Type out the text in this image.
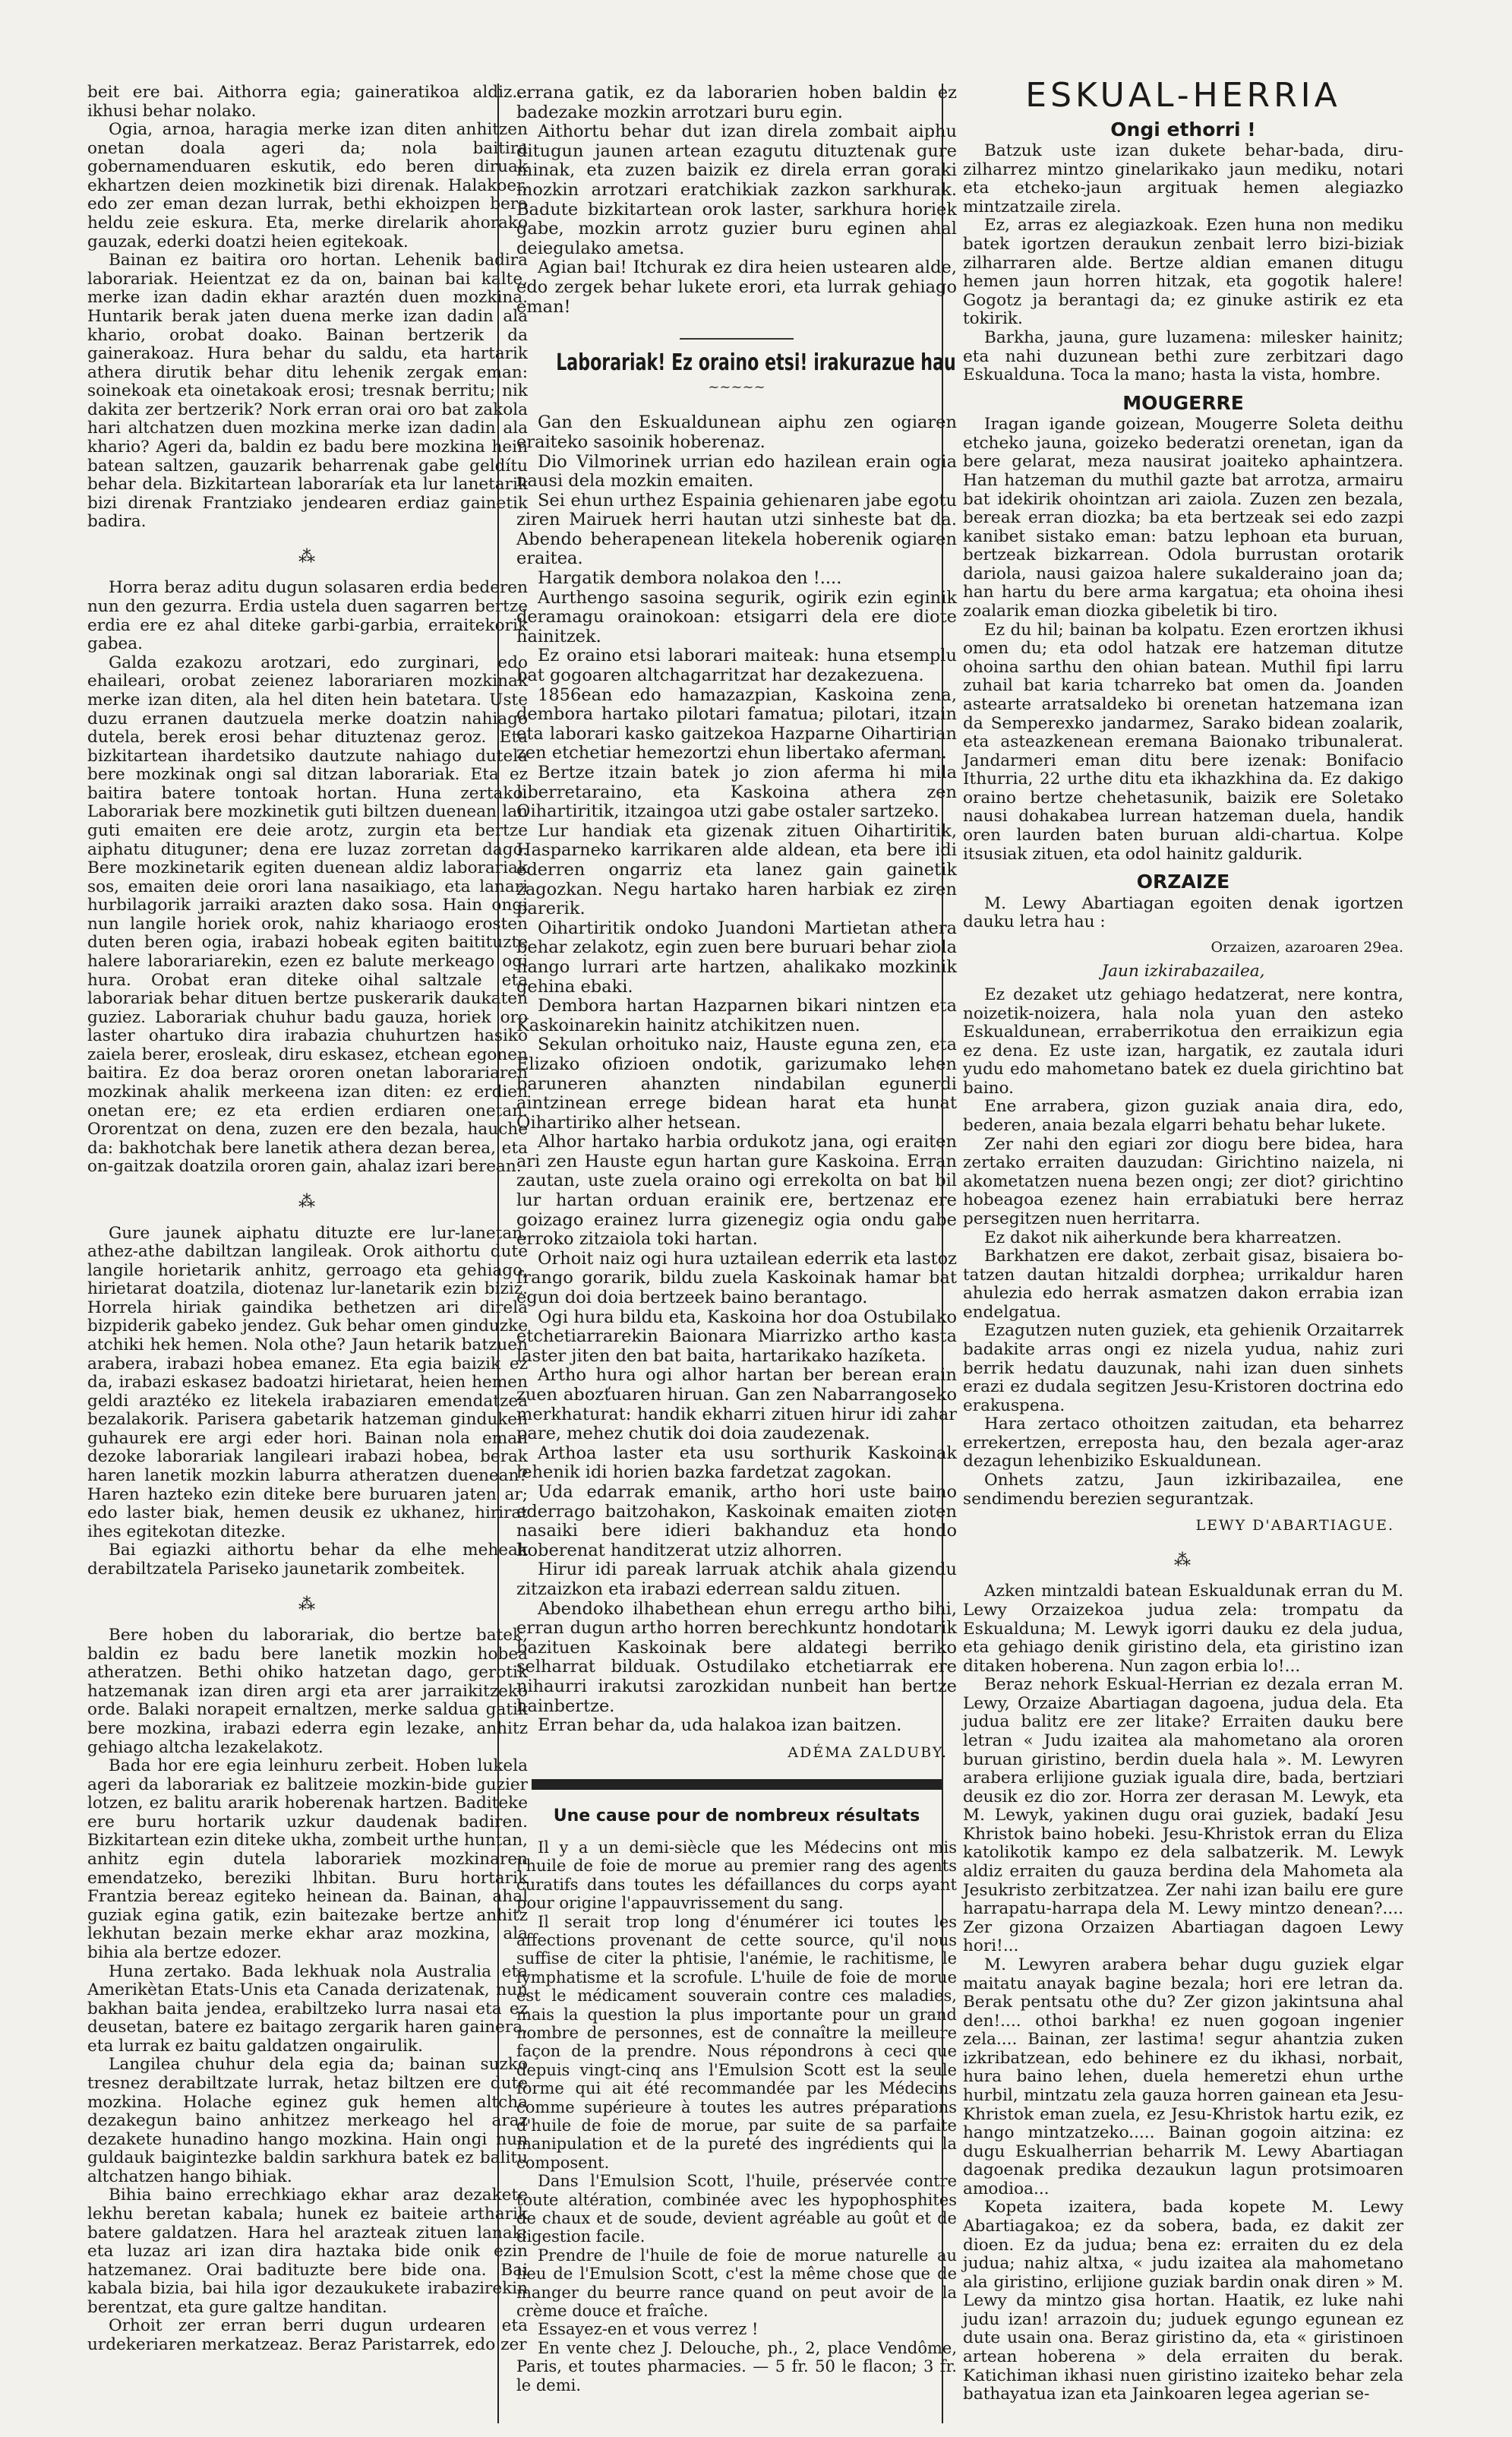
beit ere bai. Aithorra egia; gaineratikoa aldiz... ikhusi behar nolako.

Ogia, arnoa, haragia merke izan diten anhitzen onetan doala ageri da; nola baitira gobernamenduaren eskutik, edo beren diruak ekhartzen deien mozkinetik bizi direnak. Halakoer, edo zer eman dezan lurrak, bethi ekhoizpen bera heldu zeie eskura. Eta, merke direlarik ahorako gauzak, ederki doatzi heien egitekoak.

Bainan ez baitira oro hortan. Lehenik badira laborariak. Heientzat ez da on, bainan bai kalte, merke izan dadin ekhar araztén duen mozkina. Huntarik berak jaten duena merke izan dadin ala khario, orobat doako. Bainan bertzerik da gainerakoaz. Hura behar du saldu, eta hartarik athera dirutik behar ditu lehenik zergak eman: soinekoak eta oinetakoak erosi; tresnak berritu; nik dakita zer bertzerik? Nork erran orai oro bat zakola hari altchatzen duen mozkina merke izan dadin ala khario? Ageri da, baldin ez badu bere mozkina hein batean saltzen, gauzarik beharrenak gabe geldítu behar dela. Bizkitartean laboraríak eta lur lanetarik bizi direnak Frantziako jendearen erdiaz gainetik badira.

⁂

Horra beraz aditu dugun solasaren erdia bederen nun den gezurra. Erdia ustela duen sagarren bertze erdia ere ez ahal diteke garbi-garbia, erraitekorik gabea.

Galda ezakozu arotzari, edo zurginari, edo ehaileari, orobat zeienez laborariaren mozkinak merke izan diten, ala hel diten hein batetara. Uste duzu erranen dautzuela merke doatzin nahiago dutela, berek erosi behar dituztenaz geroz. Eta bizkitartean ihardetsiko dautzute nahiago dutela bere mozkinak ongi sal ditzan laborariak. Eta ez baitira batere tontoak hortan. Huna zertako. Laborariak bere mozkinetik guti biltzen duenean lan guti emaiten ere deie arotz, zurgin eta bertze aiphatu dituguner; dena ere luzaz zorretan dago. Bere mozkinetarik egiten duenean aldiz laborariak sos, emaiten deie orori lana nasaikiago, eta lanari hurbilagorik jarraiki arazten dako sosa. Hain ongi nun langile horiek orok, nahiz khariaogo erosten duten beren ogia, irabazi hobeak egiten baitituzte halere laborariarekin, ezen ez balute merkeago ogi hura. Orobat eran diteke oihal saltzale eta laborariak behar dituen bertze puskerarik daukaten guziez. Laborariak chuhur badu gauza, horiek oro laster ohartuko dira irabazia chuhurtzen hasiko zaiela berer, erosleak, diru eskasez, etchean egonen baitira. Ez doa beraz ororen onetan laborariaren mozkinak ahalik merkeena izan diten: ez erdien onetan ere; ez eta erdien erdiaren onetan. Ororentzat on dena, zuzen ere den bezala, hauche da: bakhotchak bere lanetik athera dezan berea, eta on-gaitzak doatzila ororen gain, ahalaz izari berean.

⁂

Gure jaunek aiphatu dituzte ere lur-lanetan, athez-athe dabiltzan langileak. Orok aithortu dute langile horietarik anhitz, gerroago eta gehiago, hirietarat doatzila, diotenaz lur-lanetarik ezin biziz. Horrela hiriak gaindika bethetzen ari direla bizpiderik gabeko jendez. Guk behar omen ginduzke atchiki hek hemen. Nola othe? Jaun hetarik batzuen arabera, irabazi hobea emanez. Eta egia baizik ez da, irabazi eskasez badoatzi hirietarat, heien hemen geldi araztéko ez litekela irabaziaren emendatzea bezalakorik. Parisera gabetarik hatzeman ginduken guhaurek ere argi eder hori. Bainan nola eman dezoke laborariak langileari irabazi hobea, berak haren lanetik mozkin laburra atheratzen duenean? Haren hazteko ezin diteke bere buruaren jaten ar; edo laster biak, hemen deusik ez ukhanez, hirirat ihes egitekotan ditezke.

Bai egiazki aithortu behar da elhe meheak derabiltzatela Pariseko jaunetarik zombeitek.

⁂

Bere hoben du laborariak, dio bertze batek, baldin ez badu bere lanetik mozkin hobea atheratzen. Bethi ohiko hatzetan dago, gerotik hatzemanak izan diren argi eta arer jarraikitzeko orde. Balaki norapeit ernaltzen, merke saldua gatik bere mozkina, irabazi ederra egin lezake, anhitz gehiago altcha lezakelakotz.

Bada hor ere egia leinhuru zerbeit. Hoben lukela ageri da laborariak ez balitzeie mozkin-bide guzier lotzen, ez balitu ararik hoberenak hartzen. Baditeke ere buru hortarik uzkur daudenak badiren. Bizkitartean ezin diteke ukha, zombeit urthe huntan, anhitz egin dutela laborariek mozkinaren emendatzeko, bereziki lhbitan. Buru hortarik Frantzia bereaz egiteko heinean da. Bainan, ahal guziak egina gatik, ezin baitezake bertze anhitz lekhutan bezain merke ekhar araz mozkina, ala bihia ala bertze edozer.

Huna zertako. Bada lekhuak nola Australia eta Amerikètan Etats-Unis eta Canada derizatenak, nun bakhan baita jendea, erabiltzeko lurra nasai eta ez deusetan, batere ez baitago zergarik haren gainera, eta lurrak ez baitu galdatzen ongairulik.

Langilea chuhur dela egia da; bainan suzko tresnez derabiltzate lurrak, hetaz biltzen ere dute mozkina. Holache eginez guk hemen altcha dezakegun baino anhitzez merkeago hel araz dezakete hunadino hango mozkina. Hain ongi nun guldauk baigintezke baldin sarkhura batek ez balitu altchatzen hango bihiak.

Bihia baino errechkiago ekhar araz dezakete lekhu beretan kabala; hunek ez baiteie artharik batere galdatzen. Hara hel arazteak zituen lanak; eta luzaz ari izan dira haztaka bide onik ezin hatzemanez. Orai badituzte bere bide ona. Bai kabala bizia, bai hila igor dezaukukete irabazirekin berentzat, eta gure galtze handitan.

Orhoit zer erran berri dugun urdearen eta urdekeriaren merkatzeaz. Beraz Paristarrek, edo zer

errana gatik, ez da laborarien hoben baldin ez badezake mozkin arrotzari buru egin.

Aithortu behar dut izan direla zombait aiphu ditugun jaunen artean ezagutu dituztenak gure minak, eta zuzen baizik ez direla erran goraki mozkin arrotzari eratchikiak zazkon sarkhurak. Badute bizkitartean orok laster, sarkhura horiek gabe, mozkin arrotz guzier buru eginen ahal deiegulako ametsa.

Agian bai! Itchurak ez dira heien ustearen alde, edo zergek behar lukete erori, eta lurrak gehiago eman!

Laborariak! Ez oraino etsi! irakurazue hau
~~~~~

Gan den Eskualdunean aiphu zen ogiaren eraiteko sasoinik hoberenaz.

Dio Vilmorinek urrian edo hazilean erain ogia nausi dela mozkin emaiten.

Sei ehun urthez Espainia gehienaren jabe egotu ziren Mairuek herri hautan utzi sinheste bat da. Abendo beherapenean litekela hoberenik ogiaren eraitea.

Hargatik dembora nolakoa den !....

Aurthengo sasoina segurik, ogirik ezin eginik deramagu orainokoan: etsigarri dela ere diote hainitzek.

Ez oraino etsi laborari maiteak: huna etsemplu bat gogoaren altchagarritzat har dezakezuena.

1856ean edo hamazazpian, Kaskoina zena, dembora hartako pilotari famatua; pilotari, itzain eta laborari kasko gaitzekoa Hazparne Oihartirian zen etchetiar hemezortzi ehun libertako aferman.

Bertze itzain batek jo zion aferma hi mila liberretaraino, eta Kaskoina athera zen Oihartiritik, itzaingoa utzi gabe ostaler sartzeko.

Lur handiak eta gizenak zituen Oihartiritik, Hasparneko karrikaren alde aldean, eta bere idi ederren ongarriz eta lanez gain gainetik zagozkan. Negu hartako haren harbiak ez ziren parerik.

Oihartiritik ondoko Juandoni Martietan athera behar zelakotz, egin zuen bere buruari behar ziola hango lurrari arte hartzen, ahalikako mozkinik gehina ebaki.

Dembora hartan Hazparnen bikari nintzen eta Kaskoinarekin hainitz atchikitzen nuen.

Sekulan orhoituko naiz, Hauste eguna zen, eta Elizako ofizioen ondotik, garizumako lehen baruneren ahanzten nindabilan egunerdi aintzinean errege bidean harat eta hunat Oihartiriko alher hetsean.

Alhor hartako harbia ordukotz jana, ogi eraiten ari zen Hauste egun hartan gure Kaskoina. Erran zautan, uste zuela oraino ogi errekolta on bat bil lur hartan orduan erainik ere, bertzenaz ere goizago erainez lurra gizenegiz ogia ondu gabe erroko zitzaiola toki hartan.

Orhoit naiz ogi hura uztailean ederrik eta lastoz frango gorarik, bildu zuela Kaskoinak hamar bat egun doi doia bertzeek baino berantago.

Ogi hura bildu eta, Kaskoina hor doa Ostubilako etchetiarrarekin Baionara Miarrizko artho kasta laster jiten den bat baita, hartarikako hazíketa.

Artho hura ogi alhor hartan ber berean erain zuen abozťuaren hiruan. Gan zen Nabarrangoseko merkhaturat: handik ekharri zituen hirur idi zahar pare, mehez chutik doi doia zaudezenak.

Arthoa laster eta usu sorthurik Kaskoinak lehenik idi horien bazka fardetzat zagokan.

Uda edarrak emanik, artho hori uste baino ederrago baitzohakon, Kaskoinak emaiten zioten nasaiki bere idieri bakhanduz eta hondo hoberenat handitzerat utziz alhorren.

Hirur idi pareak larruak atchik ahala gizendu zitzaizkon eta irabazi ederrean saldu zituen.

Abendoko ilhabethean ehun erregu artho bihi, erran dugun artho horren berechkuntz hondotarik bazituen Kaskoinak bere aldategi berriko selharrat bilduak. Ostudilako etchetiarrak ere nihaurri irakutsi zarozkidan nunbeit han bertze hainbertze.

Erran behar da, uda halakoa izan baitzen.

ADÉMA ZALDUBY.
Une cause pour de nombreux résultats

Il y a un demi-siècle que les Médecins ont mis l'huile de foie de morue au premier rang des agents curatifs dans toutes les défaillances du corps ayant pour origine l'appauvrissement du sang.

Il serait trop long d'énumérer ici toutes les affections provenant de cette source, qu'il nous suffise de citer la phtisie, l'anémie, le rachitisme, le lymphatisme et la scrofule. L'huile de foie de morue est le médicament souverain contre ces maladies, mais la question la plus importante pour un grand nombre de personnes, est de connaître la meilleure façon de la prendre. Nous répondrons à ceci que depuis vingt-cinq ans l'Emulsion Scott est la seule forme qui ait été recommandée par les Médecins comme supérieure à toutes les autres préparations d'huile de foie de morue, par suite de sa parfaite manipulation et de la pureté des ingrédients qui la composent.

Dans l'Emulsion Scott, l'huile, préservée contre toute altération, combinée avec les hypophosphites de chaux et de soude, devient agréable au goût et de digestion facile.

Prendre de l'huile de foie de morue naturelle au lieu de l'Emulsion Scott, c'est la même chose que de manger du beurre rance quand on peut avoir de la crème douce et fraîche.

Essayez-en et vous verrez !

En vente chez J. Delouche, ph., 2, place Vendôme, Paris, et toutes pharmacies. — 5 fr. 50 le flacon; 3 fr. le demi.

ESKUAL-HERRIA
Ongi ethorri !

Batzuk uste izan dukete behar-bada, diru-zilharrez mintzo ginelarikako jaun mediku, notari eta etcheko-jaun argituak hemen alegiazko mintzatzaile zirela.

Ez, arras ez alegiazkoak. Ezen huna non mediku batek igortzen deraukun zenbait lerro bizi-biziak zilharraren alde. Bertze aldian emanen ditugu hemen jaun horren hitzak, eta gogotik halere! Gogotz ja berantagi da; ez ginuke astirik ez eta tokirik.

Barkha, jauna, gure luzamena: milesker hainitz; eta nahi duzunean bethi zure zerbitzari dago Eskualduna. Toca la mano; hasta la vista, hombre.

MOUGERRE

Iragan igande goizean, Mougerre Soleta deithu etcheko jauna, goizeko bederatzi orenetan, igan da bere gelarat, meza nausirat joaiteko aphaintzera. Han hatzeman du muthil gazte bat arrotza, armairu bat idekirik ohointzan ari zaiola. Zuzen zen bezala, bereak erran diozka; ba eta bertzeak sei edo zazpi kanibet sistako eman: batzu lephoan eta buruan, bertzeak bizkarrean. Odola burrustan orotarik dariola, nausi gaizoa halere sukalderaino joan da; han hartu du bere arma kargatua; eta ohoina ihesi zoalarik eman diozka gibeletik bi tiro.

Ez du hil; bainan ba kolpatu. Ezen erortzen ikhusi omen du; eta odol hatzak ere hatzeman ditutze ohoina sarthu den ohian batean. Muthil fipi larru zuhail bat karia tcharreko bat omen da. Joanden astearte arratsaldeko bi orenetan hatzemana izan da Semperexko jandarmez, Sarako bidean zoalarik, eta asteazkenean eremana Baionako tribunalerat. Jandarmeri eman ditu bere izenak: Bonifacio Ithurria, 22 urthe ditu eta ikhazkhina da. Ez dakigo oraino bertze chehetasunik, baizik ere Soletako nausi dohakabea lurrean hatzeman duela, handik oren laurden baten buruan aldi-chartua. Kolpe itsusiak zituen, eta odol hainitz galdurik.

ORZAIZE

M. Lewy Abartiagan egoiten denak igortzen dauku letra hau :

Orzaizen, azaroaren 29ea.
Jaun izkirabazailea,

Ez dezaket utz gehiago hedatzerat, nere kontra, noizetik-noizera, hala nola yuan den asteko Eskualdunean, erraberrikotua den erraikizun egia ez dena. Ez uste izan, hargatik, ez zautala iduri yudu edo mahometano batek ez duela girichtino bat baino.

Ene arrabera, gizon guziak anaia dira, edo, bederen, anaia bezala elgarri behatu behar lukete.

Zer nahi den egiari zor diogu bere bidea, hara zertako erraiten dauzudan: Girichtino naizela, ni akometatzen nuena bezen ongi; zer diot? girichtino hobeagoa ezenez hain errabiatuki bere herraz persegitzen nuen herritarra.

Ez dakot nik aiherkunde bera kharreatzen.

Barkhatzen ere dakot, zerbait gisaz, bisaiera bo-tatzen dautan hitzaldi dorphea; urrikaldur haren ahulezia edo herrak asmatzen dakon errabia izan endelgatua.

Ezagutzen nuten guziek, eta gehienik Orzaitarrek badakite arras ongi ez nizela yudua, nahiz zuri berrik hedatu dauzunak, nahi izan duen sinhets erazi ez dudala segitzen Jesu-Kristoren doctrina edo erakuspena.

Hara zertaco othoitzen zaitudan, eta beharrez errekertzen, erreposta hau, den bezala ager-araz dezagun lehenbiziko Eskualdunean.

Onhets zatzu, Jaun izkiribazailea, ene sendimendu berezien segurantzak.

LEWY D'ABARTIAGUE.
⁂

Azken mintzaldi batean Eskualdunak erran du M. Lewy Orzaizekoa judua zela: trompatu da Eskualduna; M. Lewyk igorri dauku ez dela judua, eta gehiago denik giristino dela, eta giristino izan ditaken hoberena. Nun zagon erbia lo!...

Beraz nehork Eskual-Herrian ez dezala erran M. Lewy, Orzaize Abartiagan dagoena, judua dela. Eta judua balitz ere zer litake? Erraiten dauku bere letran « Judu izaitea ala mahometano ala ororen buruan giristino, berdin duela hala ». M. Lewyren arabera erlijione guziak iguala dire, bada, bertziari deusik ez dio zor. Horra zer derasan M. Lewyk, eta M. Lewyk, yakinen dugu orai guziek, badakí Jesu Khristok baino hobeki. Jesu-Khristok erran du Eliza katolikotik kampo ez dela salbatzerik. M. Lewyk aldiz erraiten du gauza berdina dela Mahometa ala Jesukristo zerbitzatzea. Zer nahi izan bailu ere gure harrapatu-harrapa dela M. Lewy mintzo denean?.... Zer gizona Orzaizen Abartiagan dagoen Lewy hori!...

M. Lewyren arabera behar dugu guziek elgar maitatu anayak bagine bezala; hori ere letran da. Berak pentsatu othe du? Zer gizon jakintsuna ahal den!.... othoi barkha! ez nuen gogoan ingenier zela.... Bainan, zer lastima! segur ahantzia zuken izkribatzean, edo behinere ez du ikhasi, norbait, hura baino lehen, duela hemeretzi ehun urthe hurbil, mintzatu zela gauza horren gainean eta Jesu-Khristok eman zuela, ez Jesu-Khristok hartu ezik, ez hango mintzatzeko..... Bainan gogoin aitzina: ez dugu Eskualherrian beharrik M. Lewy Abartiagan dagoenak predika dezaukun lagun protsimoaren amodioa...

Kopeta izaitera, bada kopete M. Lewy Abartiagakoa; ez da sobera, bada, ez dakit zer dioen. Ez da judua; bena ez: erraiten du ez dela judua; nahiz altxa, « judu izaitea ala mahometano ala giristino, erlijione guziak bardin onak diren » M. Lewy da mintzo gisa hortan. Haatik, ez luke nahi judu izan! arrazoin du; juduek egungo egunean ez dute usain ona. Beraz giristino da, eta « giristinoen artean hoberena » dela erraiten du berak. Katichiman ikhasi nuen giristino izaiteko behar zela bathayatua izan eta Jainkoaren legea agerian se-
